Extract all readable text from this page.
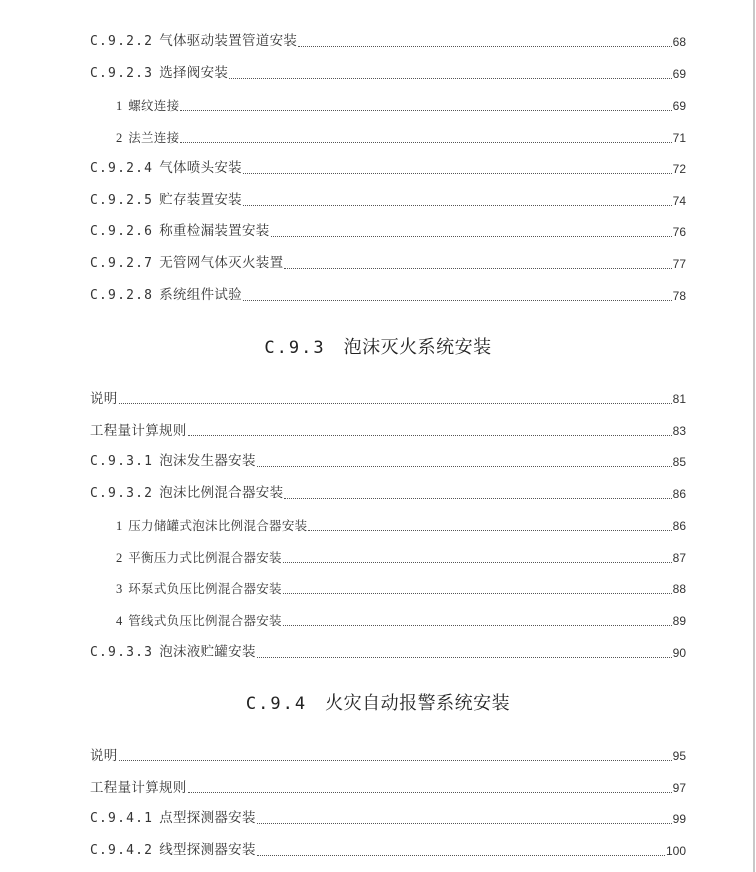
C.9.2.2 气体驱动装置管道安装	68
C.9.2.3 选择阀安装	69
1 螺纹连接	69
2 法兰连接	71
C.9.2.4 气体喷头安装	72
C.9.2.5 贮存装置安装	74
C.9.2.6 称重检漏装置安装	76
C.9.2.7 无管网气体灭火装置	77
C.9.2.8 系统组件试验	78
C.9.3 泡沫灭火系统安装
说明	81
工程量计算规则	83
C.9.3.1 泡沫发生器安装	85
C.9.3.2 泡沫比例混合器安装	86
1 压力储罐式泡沫比例混合器安装	86
2 平衡压力式比例混合器安装	87
3 环泵式负压比例混合器安装	88
4 管线式负压比例混合器安装	89
C.9.3.3 泡沫液贮罐安装	90
C.9.4 火灾自动报警系统安装
说明	95
工程量计算规则	97
C.9.4.1 点型探测器安装	99
C.9.4.2 线型探测器安装	100
